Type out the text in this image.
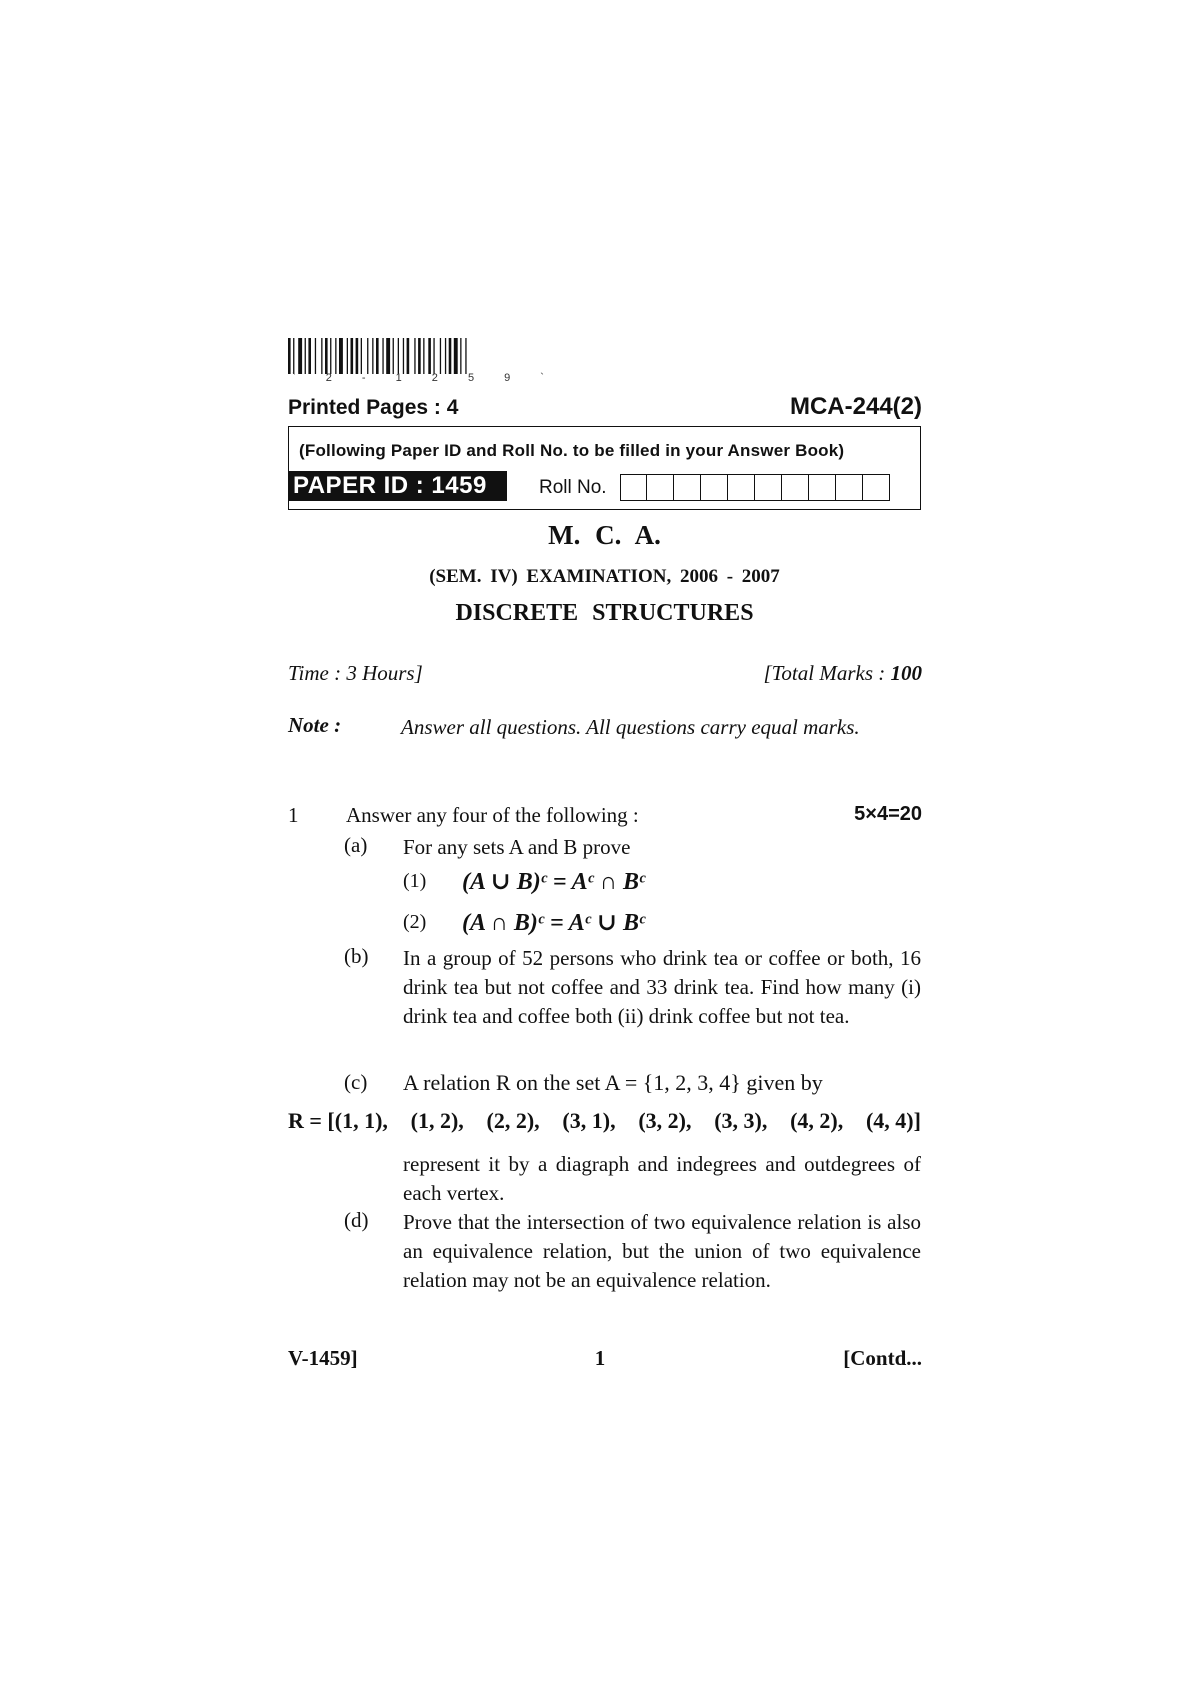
`	2	-	1	2	5	9	`
Printed Pages : 4	MCA-244(2)
(Following Paper ID and Roll No. to be filled in your Answer Book)
PAPER ID : 1459	Roll No.
M. C. A.
(SEM. IV) EXAMINATION, 2006 - 2007
DISCRETE STRUCTURES
Time : 3 Hours]	[Total Marks : 100
Note :	Answer all questions. All questions carry equal marks.
1 Answer any four of the following :	5×4=20
(a) For any sets A and B prove
(1) (A ∪ B)ᶜ = Aᶜ ∩ Bᶜ
(2) (A ∩ B)ᶜ = Aᶜ ∪ Bᶜ
(b) In a group of 52 persons who drink tea or coffee or both, 16 drink tea but not coffee and 33 drink tea. Find how many (i) drink tea and coffee both (ii) drink coffee but not tea.
(c) A relation R on the set A = {1, 2, 3, 4} given by
R = [(1, 1), (1, 2), (2, 2), (3, 1), (3, 2), (3, 3), (4, 2), (4, 4)]
represent it by a diagraph and indegrees and outdegrees of each vertex.
(d) Prove that the intersection of two equivalence relation is also an equivalence relation, but the union of two equivalence relation may not be an equivalence relation.
V-1459]	1	[Contd...
